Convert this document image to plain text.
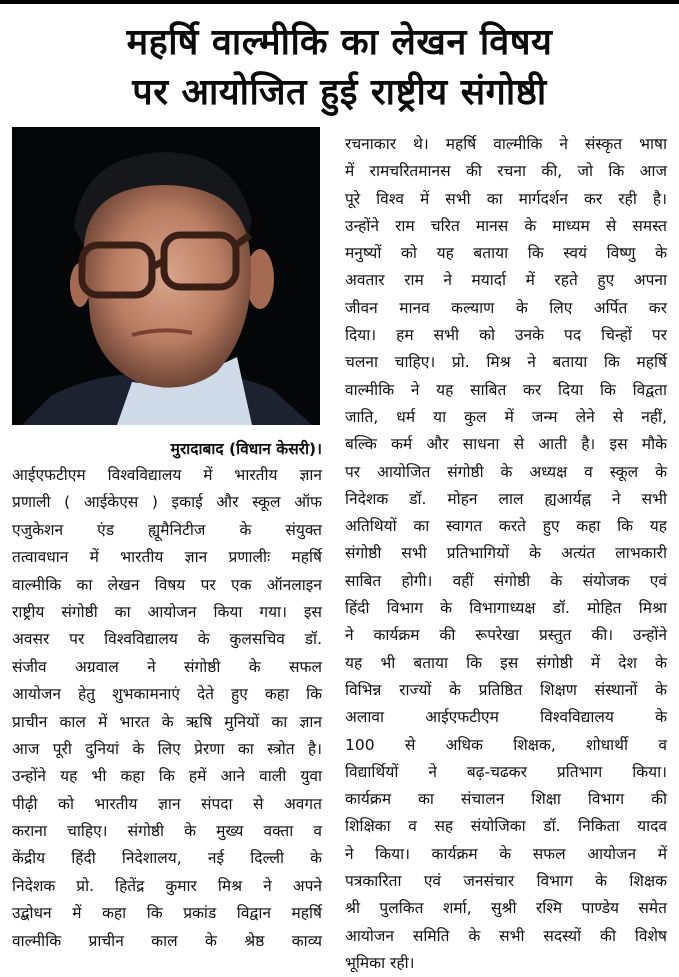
महर्षि वाल्मीकि का लेखन विषय
पर आयोजित हुई राष्ट्रीय संगोष्ठी
मुरादाबाद (विधान केसरी)।
आईएफटीएम विश्वविद्यालय में भारतीय ज्ञान
प्रणाली ( आईकेएस ) इकाई और स्कूल ऑफ
एजुकेशन एंड ह्यूमैनिटीज के संयुक्त
तत्वावधान में भारतीय ज्ञान प्रणालीः महर्षि
वाल्मीकि का लेखन विषय पर एक ऑनलाइन
राष्ट्रीय संगोष्ठी का आयोजन किया गया। इस
अवसर पर विश्वविद्यालय के कुलसचिव डॉ.
संजीव अग्रवाल ने संगोष्ठी के सफल
आयोजन हेतु शुभकामनाएं देते हुए कहा कि
प्राचीन काल में भारत के ऋषि मुनियों का ज्ञान
आज पूरी दुनियां के लिए प्रेरणा का स्त्रोत है।
उन्होंने यह भी कहा कि हमें आने वाली युवा
पीढ़ी को भारतीय ज्ञान संपदा से अवगत
कराना चाहिए। संगोष्ठी के मुख्य वक्ता व
केंद्रीय हिंदी निदेशालय, नई दिल्ली के
निदेशक प्रो. हितेंद्र कुमार मिश्र ने अपने
उद्बोधन में कहा कि प्रकांड विद्वान महर्षि
वाल्मीकि प्राचीन काल के श्रेष्ठ काव्य
रचनाकार थे। महर्षि वाल्मीकि ने संस्कृत भाषा
में रामचरितमानस की रचना की, जो कि आज
पूरे विश्व में सभी का मार्गदर्शन कर रही है।
उन्होंने राम चरित मानस के माध्यम से समस्त
मनुष्यों को यह बताया कि स्वयं विष्णु के
अवतार राम ने मयार्दा में रहते हुए अपना
जीवन मानव कल्याण के लिए अर्पित कर
दिया। हम सभी को उनके पद चिन्हों पर
चलना चाहिए। प्रो. मिश्र ने बताया कि महर्षि
वाल्मीकि ने यह साबित कर दिया कि विद्वता
जाति, धर्म या कुल में जन्म लेने से नहीं,
बल्कि कर्म और साधना से आती है। इस मौके
पर आयोजित संगोष्ठी के अध्यक्ष व स्कूल के
निदेशक डॉ. मोहन लाल ह्यआर्यह्न ने सभी
अतिथियों का स्वागत करते हुए कहा कि यह
संगोष्ठी सभी प्रतिभागियों के अत्यंत लाभकारी
साबित होगी। वहीं संगोष्ठी के संयोजक एवं
हिंदी विभाग के विभागाध्यक्ष डॉ. मोहित मिश्रा
ने कार्यक्रम की रूपरेखा प्रस्तुत की। उन्होंने
यह भी बताया कि इस संगोष्ठी में देश के
विभिन्न राज्यों के प्रतिष्ठित शिक्षण संस्थानों के
अलावा आईएफटीएम विश्वविद्यालय के
100 से अधिक शिक्षक, शोधार्थी व
विद्यार्थियों ने बढ़-चढकर प्रतिभाग किया।
कार्यक्रम का संचालन शिक्षा विभाग की
शिक्षिका व सह संयोजिका डॉ. निकिता यादव
ने किया। कार्यक्रम के सफल आयोजन में
पत्रकारिता एवं जनसंचार विभाग के शिक्षक
श्री पुलकित शर्मा, सुश्री रश्मि पाण्डेय समेत
आयोजन समिति के सभी सदस्यों की विशेष
भूमिका रही।
